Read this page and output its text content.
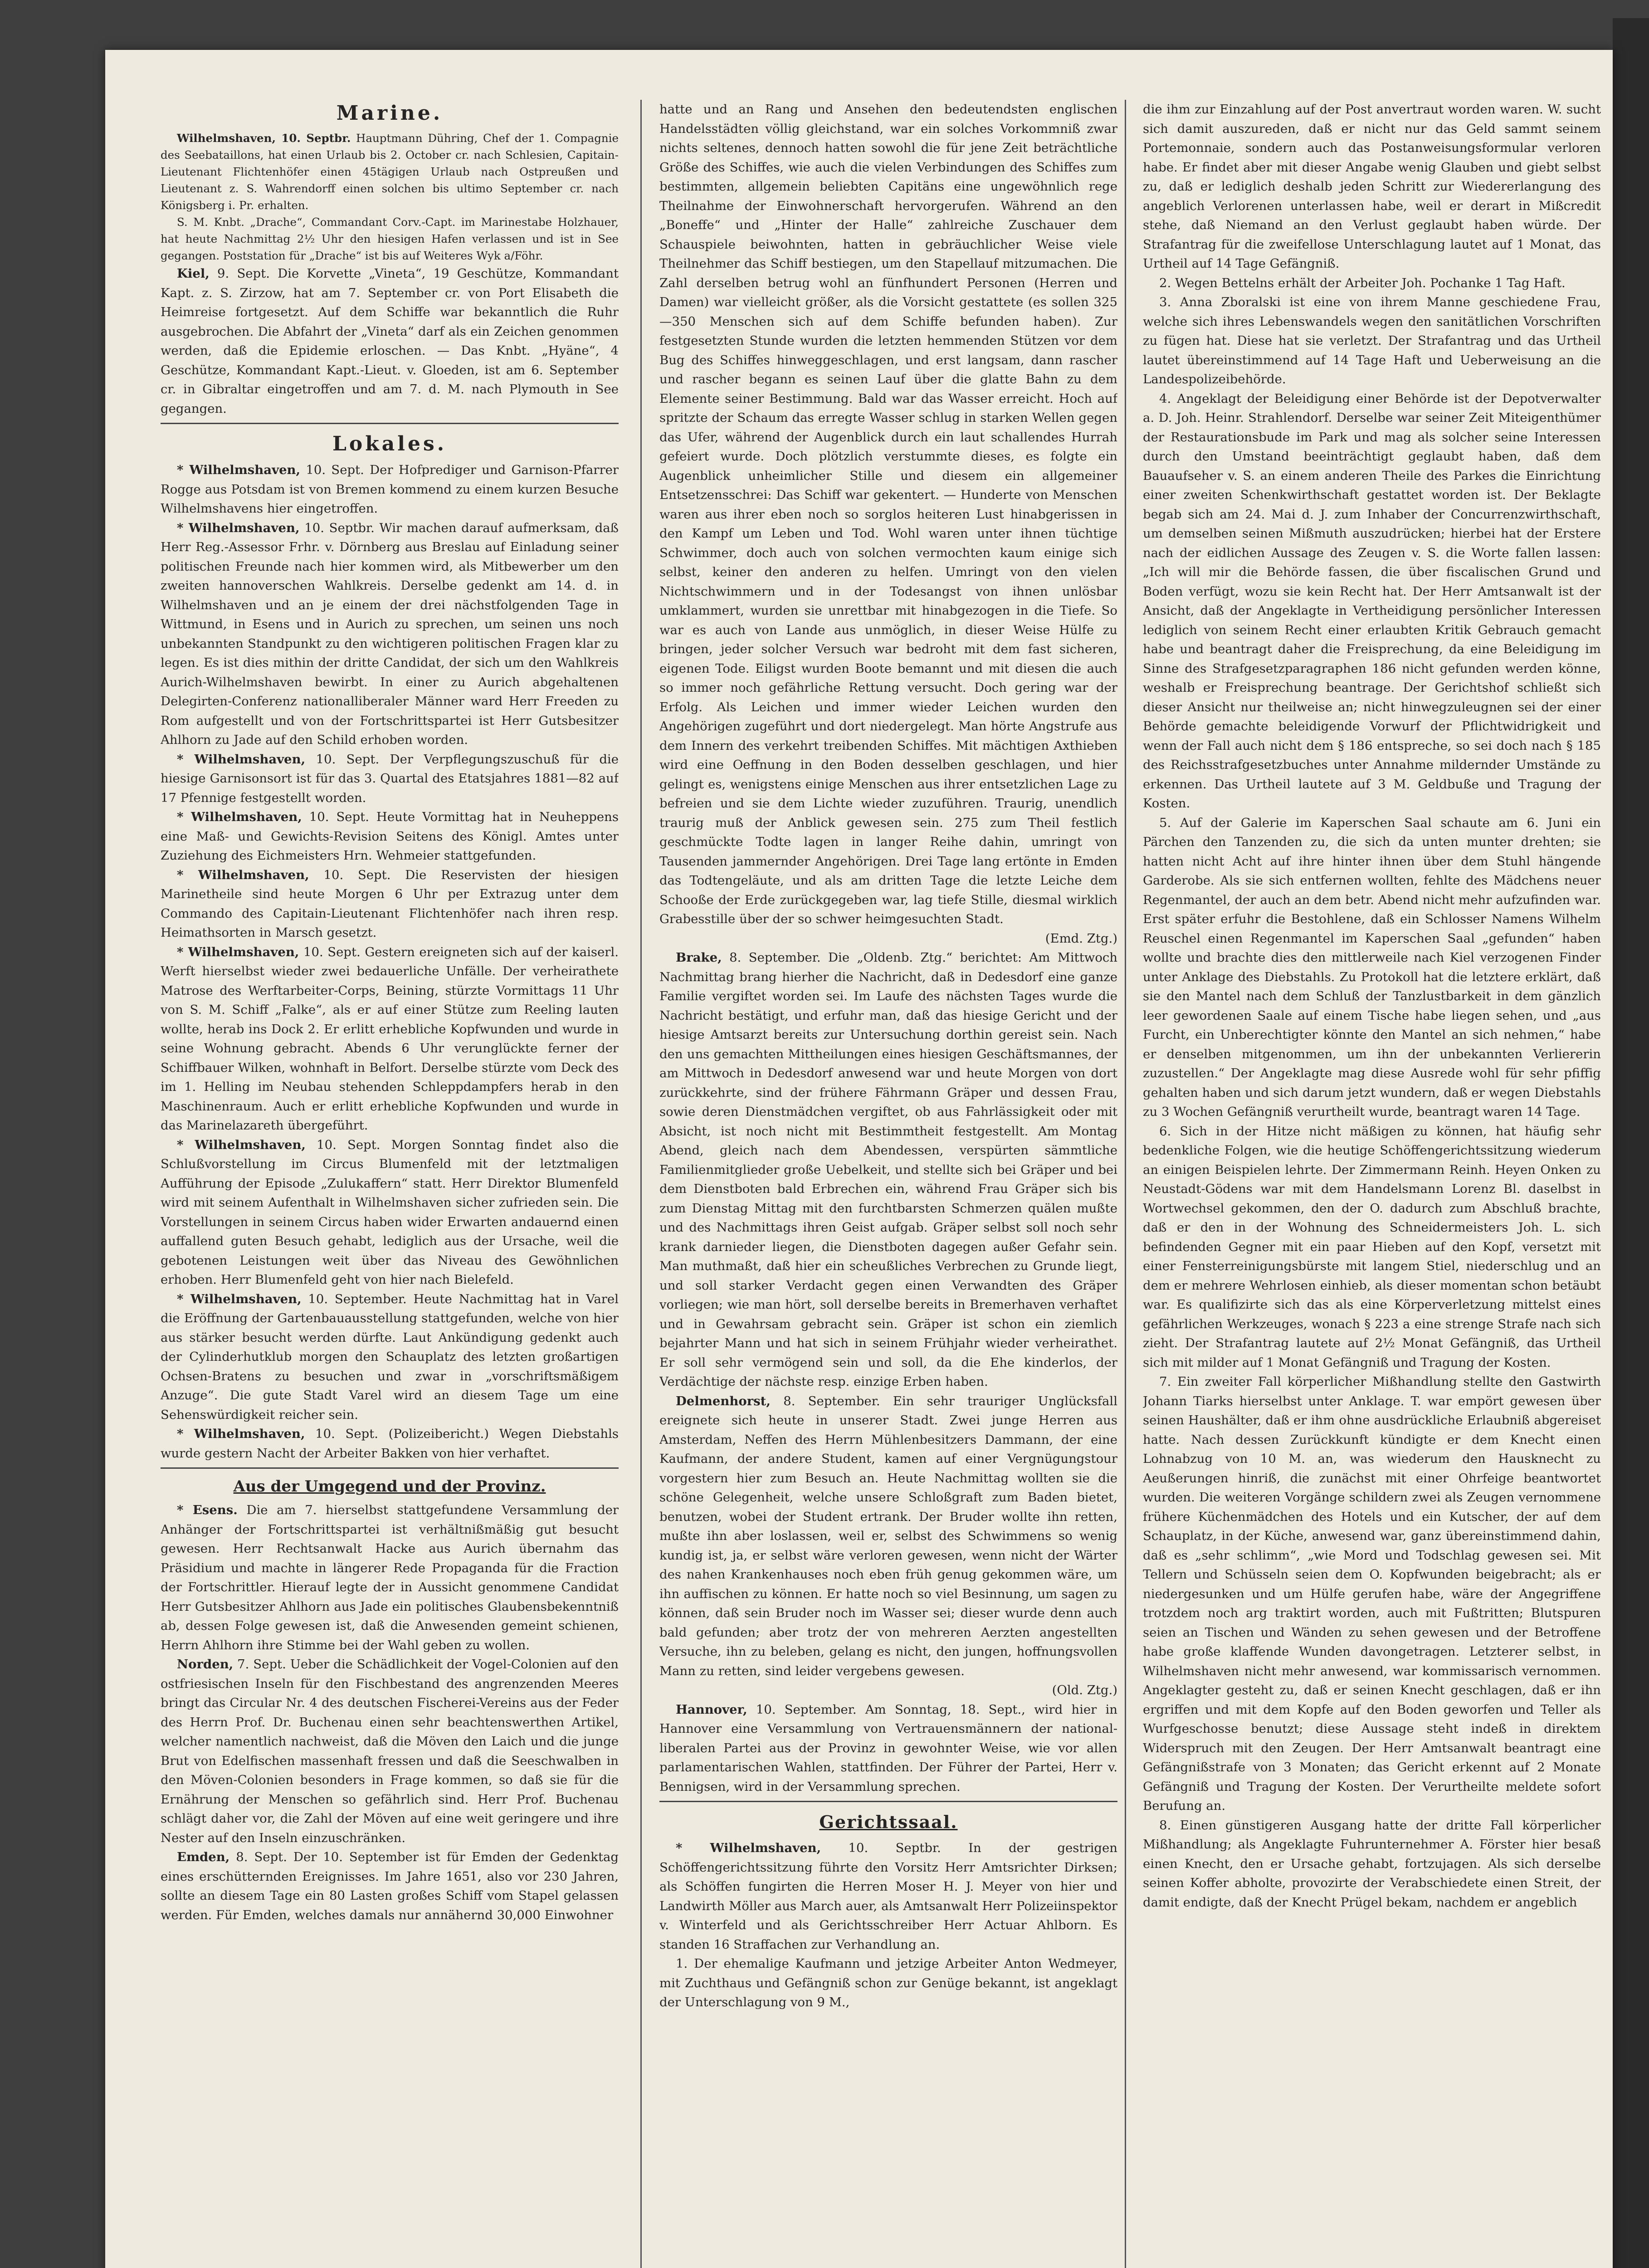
Marine.

Wilhelmshaven, 10. Septbr. Hauptmann Dühring, Chef der 1. Compagnie des Seebataillons, hat einen Urlaub bis 2. October cr. nach Schlesien, Capitain-Lieutenant Flichtenhöfer einen 45tägigen Urlaub nach Ostpreußen und Lieutenant z. S. Wahrendorff einen solchen bis ultimo September cr. nach Königsberg i. Pr. erhalten.

S. M. Knbt. „Drache“, Commandant Corv.-Capt. im Marinestabe Holzhauer, hat heute Nachmittag 2½ Uhr den hiesigen Hafen verlassen und ist in See gegangen. Poststation für „Drache“ ist bis auf Weiteres Wyk a/Föhr.

Kiel, 9. Sept. Die Korvette „Vineta“, 19 Geschütze, Kommandant Kapt. z. S. Zirzow, hat am 7. September cr. von Port Elisabeth die Heimreise fortgesetzt. Auf dem Schiffe war bekanntlich die Ruhr ausgebrochen. Die Abfahrt der „Vineta“ darf als ein Zeichen genommen werden, daß die Epidemie erloschen. — Das Knbt. „Hyäne“, 4 Geschütze, Kommandant Kapt.-Lieut. v. Gloeden, ist am 6. September cr. in Gibraltar eingetroffen und am 7. d. M. nach Plymouth in See gegangen.

Lokales.

* Wilhelmshaven, 10. Sept. Der Hofprediger und Garnison-Pfarrer Rogge aus Potsdam ist von Bremen kommend zu einem kurzen Besuche Wilhelmshavens hier eingetroffen.

* Wilhelmshaven, 10. Septbr. Wir machen darauf aufmerksam, daß Herr Reg.-Assessor Frhr. v. Dörnberg aus Breslau auf Einladung seiner politischen Freunde nach hier kommen wird, als Mitbewerber um den zweiten hannoverschen Wahlkreis. Derselbe gedenkt am 14. d. in Wilhelmshaven und an je einem der drei nächstfolgenden Tage in Wittmund, in Esens und in Aurich zu sprechen, um seinen uns noch unbekannten Standpunkt zu den wichtigeren politischen Fragen klar zu legen. Es ist dies mithin der dritte Candidat, der sich um den Wahlkreis Aurich-Wilhelmshaven bewirbt. In einer zu Aurich abgehaltenen Delegirten-Conferenz nationalliberaler Männer ward Herr Freeden zu Rom aufgestellt und von der Fortschrittspartei ist Herr Gutsbesitzer Ahlhorn zu Jade auf den Schild erhoben worden.

* Wilhelmshaven, 10. Sept. Der Verpflegungszuschuß für die hiesige Garnisonsort ist für das 3. Quartal des Etatsjahres 1881—82 auf 17 Pfennige festgestellt worden.

* Wilhelmshaven, 10. Sept. Heute Vormittag hat in Neuheppens eine Maß- und Gewichts-Revision Seitens des Königl. Amtes unter Zuziehung des Eichmeisters Hrn. Wehmeier stattgefunden.

* Wilhelmshaven, 10. Sept. Die Reservisten der hiesigen Marinetheile sind heute Morgen 6 Uhr per Extrazug unter dem Commando des Capitain-Lieutenant Flichtenhöfer nach ihren resp. Heimathsorten in Marsch gesetzt.

* Wilhelmshaven, 10. Sept. Gestern ereigneten sich auf der kaiserl. Werft hierselbst wieder zwei bedauerliche Unfälle. Der verheirathete Matrose des Werftarbeiter-Corps, Beining, stürzte Vormittags 11 Uhr von S. M. Schiff „Falke“, als er auf einer Stütze zum Reeling lauten wollte, herab ins Dock 2. Er erlitt erhebliche Kopfwunden und wurde in seine Wohnung gebracht. Abends 6 Uhr verunglückte ferner der Schiffbauer Wilken, wohnhaft in Belfort. Derselbe stürzte vom Deck des im 1. Helling im Neubau stehenden Schleppdampfers herab in den Maschinenraum. Auch er erlitt erhebliche Kopfwunden und wurde in das Marinelazareth übergeführt.

* Wilhelmshaven, 10. Sept. Morgen Sonntag findet also die Schlußvorstellung im Circus Blumenfeld mit der letztmaligen Aufführung der Episode „Zulukaffern“ statt. Herr Direktor Blumenfeld wird mit seinem Aufenthalt in Wilhelmshaven sicher zufrieden sein. Die Vorstellungen in seinem Circus haben wider Erwarten andauernd einen auffallend guten Besuch gehabt, lediglich aus der Ursache, weil die gebotenen Leistungen weit über das Niveau des Gewöhnlichen erhoben. Herr Blumenfeld geht von hier nach Bielefeld.

* Wilhelmshaven, 10. September. Heute Nachmittag hat in Varel die Eröffnung der Gartenbauausstellung stattgefunden, welche von hier aus stärker besucht werden dürfte. Laut Ankündigung gedenkt auch der Cylinderhutklub morgen den Schauplatz des letzten großartigen Ochsen-Bratens zu besuchen und zwar in „vorschriftsmäßigem Anzuge“. Die gute Stadt Varel wird an diesem Tage um eine Sehenswürdigkeit reicher sein.

* Wilhelmshaven, 10. Sept. (Polizeibericht.) Wegen Diebstahls wurde gestern Nacht der Arbeiter Bakken von hier verhaftet.

Aus der Umgegend und der Provinz.

* Esens. Die am 7. hierselbst stattgefundene Versammlung der Anhänger der Fortschrittspartei ist verhältnißmäßig gut besucht gewesen. Herr Rechtsanwalt Hacke aus Aurich übernahm das Präsidium und machte in längerer Rede Propaganda für die Fraction der Fortschrittler. Hierauf legte der in Aussicht genommene Candidat Herr Gutsbesitzer Ahlhorn aus Jade ein politisches Glaubensbekenntniß ab, dessen Folge gewesen ist, daß die Anwesenden gemeint schienen, Herrn Ahlhorn ihre Stimme bei der Wahl geben zu wollen.

Norden, 7. Sept. Ueber die Schädlichkeit der Vogel-Colonien auf den ostfriesischen Inseln für den Fischbestand des angrenzenden Meeres bringt das Circular Nr. 4 des deutschen Fischerei-Vereins aus der Feder des Herrn Prof. Dr. Buchenau einen sehr beachtenswerthen Artikel, welcher namentlich nachweist, daß die Möven den Laich und die junge Brut von Edelfischen massenhaft fressen und daß die Seeschwalben in den Möven-Colonien besonders in Frage kommen, so daß sie für die Ernährung der Menschen so gefährlich sind. Herr Prof. Buchenau schlägt daher vor, die Zahl der Möven auf eine weit geringere und ihre Nester auf den Inseln einzuschränken.

Emden, 8. Sept. Der 10. September ist für Emden der Gedenktag eines erschütternden Ereignisses. Im Jahre 1651, also vor 230 Jahren, sollte an diesem Tage ein 80 Lasten großes Schiff vom Stapel gelassen werden. Für Emden, welches damals nur annähernd 30,000 Einwohner

hatte und an Rang und Ansehen den bedeutendsten englischen Handelsstädten völlig gleichstand, war ein solches Vorkommniß zwar nichts seltenes, dennoch hatten sowohl die für jene Zeit beträchtliche Größe des Schiffes, wie auch die vielen Verbindungen des Schiffes zum bestimmten, allgemein beliebten Capitäns eine ungewöhnlich rege Theilnahme der Einwohnerschaft hervorgerufen. Während an den „Boneffe“ und „Hinter der Halle“ zahlreiche Zuschauer dem Schauspiele beiwohnten, hatten in gebräuchlicher Weise viele Theilnehmer das Schiff bestiegen, um den Stapellauf mitzumachen. Die Zahl derselben betrug wohl an fünfhundert Personen (Herren und Damen) war vielleicht größer, als die Vorsicht gestattete (es sollen 325—350 Menschen sich auf dem Schiffe befunden haben). Zur festgesetzten Stunde wurden die letzten hemmenden Stützen vor dem Bug des Schiffes hinweggeschlagen, und erst langsam, dann rascher und rascher begann es seinen Lauf über die glatte Bahn zu dem Elemente seiner Bestimmung. Bald war das Wasser erreicht. Hoch auf spritzte der Schaum das erregte Wasser schlug in starken Wellen gegen das Ufer, während der Augenblick durch ein laut schallendes Hurrah gefeiert wurde. Doch plötzlich verstummte dieses, es folgte ein Augenblick unheimlicher Stille und diesem ein allgemeiner Entsetzensschrei: Das Schiff war gekentert. — Hunderte von Menschen waren aus ihrer eben noch so sorglos heiteren Lust hinabgerissen in den Kampf um Leben und Tod. Wohl waren unter ihnen tüchtige Schwimmer, doch auch von solchen vermochten kaum einige sich selbst, keiner den anderen zu helfen. Umringt von den vielen Nichtschwimmern und in der Todesangst von ihnen unlösbar umklammert, wurden sie unrettbar mit hinabgezogen in die Tiefe. So war es auch von Lande aus unmöglich, in dieser Weise Hülfe zu bringen, jeder solcher Versuch war bedroht mit dem fast sicheren, eigenen Tode. Eiligst wurden Boote bemannt und mit diesen die auch so immer noch gefährliche Rettung versucht. Doch gering war der Erfolg. Als Leichen und immer wieder Leichen wurden den Angehörigen zugeführt und dort niedergelegt. Man hörte Angstrufe aus dem Innern des verkehrt treibenden Schiffes. Mit mächtigen Axthieben wird eine Oeffnung in den Boden desselben geschlagen, und hier gelingt es, wenigstens einige Menschen aus ihrer entsetzlichen Lage zu befreien und sie dem Lichte wieder zuzuführen. Traurig, unendlich traurig muß der Anblick gewesen sein. 275 zum Theil festlich geschmückte Todte lagen in langer Reihe dahin, umringt von Tausenden jammernder Angehörigen. Drei Tage lang ertönte in Emden das Todtengeläute, und als am dritten Tage die letzte Leiche dem Schooße der Erde zurückgegeben war, lag tiefe Stille, diesmal wirklich Grabesstille über der so schwer heimgesuchten Stadt.

(Emd. Ztg.)

Brake, 8. September. Die „Oldenb. Ztg.“ berichtet: Am Mittwoch Nachmittag brang hierher die Nachricht, daß in Dedesdorf eine ganze Familie vergiftet worden sei. Im Laufe des nächsten Tages wurde die Nachricht bestätigt, und erfuhr man, daß das hiesige Gericht und der hiesige Amtsarzt bereits zur Untersuchung dorthin gereist sein. Nach den uns gemachten Mittheilungen eines hiesigen Geschäftsmannes, der am Mittwoch in Dedesdorf anwesend war und heute Morgen von dort zurückkehrte, sind der frühere Fährmann Gräper und dessen Frau, sowie deren Dienstmädchen vergiftet, ob aus Fahrlässigkeit oder mit Absicht, ist noch nicht mit Bestimmtheit festgestellt. Am Montag Abend, gleich nach dem Abendessen, verspürten sämmtliche Familienmitglieder große Uebelkeit, und stellte sich bei Gräper und bei dem Dienstboten bald Erbrechen ein, während Frau Gräper sich bis zum Dienstag Mittag mit den furchtbarsten Schmerzen quälen mußte und des Nachmittags ihren Geist aufgab. Gräper selbst soll noch sehr krank darnieder liegen, die Dienstboten dagegen außer Gefahr sein. Man muthmaßt, daß hier ein scheußliches Verbrechen zu Grunde liegt, und soll starker Verdacht gegen einen Verwandten des Gräper vorliegen; wie man hört, soll derselbe bereits in Bremerhaven verhaftet und in Gewahrsam gebracht sein. Gräper ist schon ein ziemlich bejahrter Mann und hat sich in seinem Frühjahr wieder verheirathet. Er soll sehr vermögend sein und soll, da die Ehe kinderlos, der Verdächtige der nächste resp. einzige Erben haben.

Delmenhorst, 8. September. Ein sehr trauriger Unglücksfall ereignete sich heute in unserer Stadt. Zwei junge Herren aus Amsterdam, Neffen des Herrn Mühlenbesitzers Dammann, der eine Kaufmann, der andere Student, kamen auf einer Vergnügungstour vorgestern hier zum Besuch an. Heute Nachmittag wollten sie die schöne Gelegenheit, welche unsere Schloßgraft zum Baden bietet, benutzen, wobei der Student ertrank. Der Bruder wollte ihn retten, mußte ihn aber loslassen, weil er, selbst des Schwimmens so wenig kundig ist, ja, er selbst wäre verloren gewesen, wenn nicht der Wärter des nahen Krankenhauses noch eben früh genug gekommen wäre, um ihn auffischen zu können. Er hatte noch so viel Besinnung, um sagen zu können, daß sein Bruder noch im Wasser sei; dieser wurde denn auch bald gefunden; aber trotz der von mehreren Aerzten angestellten Versuche, ihn zu beleben, gelang es nicht, den jungen, hoffnungsvollen Mann zu retten, sind leider vergebens gewesen.

(Old. Ztg.)

Hannover, 10. September. Am Sonntag, 18. Sept., wird hier in Hannover eine Versammlung von Vertrauensmännern der national-liberalen Partei aus der Provinz in gewohnter Weise, wie vor allen parlamentarischen Wahlen, stattfinden. Der Führer der Partei, Herr v. Bennigsen, wird in der Versammlung sprechen.

Gerichtssaal.

* Wilhelmshaven, 10. Septbr. In der gestrigen Schöffengerichtssitzung führte den Vorsitz Herr Amtsrichter Dirksen; als Schöffen fungirten die Herren Moser H. J. Meyer von hier und Landwirth Möller aus March auer, als Amtsanwalt Herr Polizeiinspektor v. Winterfeld und als Gerichtsschreiber Herr Actuar Ahlborn. Es standen 16 Straffachen zur Verhandlung an.

1. Der ehemalige Kaufmann und jetzige Arbeiter Anton Wedmeyer, mit Zuchthaus und Gefängniß schon zur Genüge bekannt, ist angeklagt der Unterschlagung von 9 M.,

die ihm zur Einzahlung auf der Post anvertraut worden waren. W. sucht sich damit auszureden, daß er nicht nur das Geld sammt seinem Portemonnaie, sondern auch das Postanweisungsformular verloren habe. Er findet aber mit dieser Angabe wenig Glauben und giebt selbst zu, daß er lediglich deshalb jeden Schritt zur Wiedererlangung des angeblich Verlorenen unterlassen habe, weil er derart in Mißcredit stehe, daß Niemand an den Verlust geglaubt haben würde. Der Strafantrag für die zweifellose Unterschlagung lautet auf 1 Monat, das Urtheil auf 14 Tage Gefängniß.

2. Wegen Bettelns erhält der Arbeiter Joh. Pochanke 1 Tag Haft.

3. Anna Zboralski ist eine von ihrem Manne geschiedene Frau, welche sich ihres Lebenswandels wegen den sanitätlichen Vorschriften zu fügen hat. Diese hat sie verletzt. Der Strafantrag und das Urtheil lautet übereinstimmend auf 14 Tage Haft und Ueberweisung an die Landespolizeibehörde.

4. Angeklagt der Beleidigung einer Behörde ist der Depotverwalter a. D. Joh. Heinr. Strahlendorf. Derselbe war seiner Zeit Miteigenthümer der Restaurationsbude im Park und mag als solcher seine Interessen durch den Umstand beeinträchtigt geglaubt haben, daß dem Bauaufseher v. S. an einem anderen Theile des Parkes die Einrichtung einer zweiten Schenkwirthschaft gestattet worden ist. Der Beklagte begab sich am 24. Mai d. J. zum Inhaber der Concurrenzwirthschaft, um demselben seinen Mißmuth auszudrücken; hierbei hat der Erstere nach der eidlichen Aussage des Zeugen v. S. die Worte fallen lassen: „Ich will mir die Behörde fassen, die über fiscalischen Grund und Boden verfügt, wozu sie kein Recht hat. Der Herr Amtsanwalt ist der Ansicht, daß der Angeklagte in Vertheidigung persönlicher Interessen lediglich von seinem Recht einer erlaubten Kritik Gebrauch gemacht habe und beantragt daher die Freisprechung, da eine Beleidigung im Sinne des Strafgesetzparagraphen 186 nicht gefunden werden könne, weshalb er Freisprechung beantrage. Der Gerichtshof schließt sich dieser Ansicht nur theilweise an; nicht hinwegzuleugnen sei der einer Behörde gemachte beleidigende Vorwurf der Pflichtwidrigkeit und wenn der Fall auch nicht dem § 186 entspreche, so sei doch nach § 185 des Reichsstrafgesetzbuches unter Annahme mildernder Umstände zu erkennen. Das Urtheil lautete auf 3 M. Geldbuße und Tragung der Kosten.

5. Auf der Galerie im Kaperschen Saal schaute am 6. Juni ein Pärchen den Tanzenden zu, die sich da unten munter drehten; sie hatten nicht Acht auf ihre hinter ihnen über dem Stuhl hängende Garderobe. Als sie sich entfernen wollten, fehlte des Mädchens neuer Regenmantel, der auch an dem betr. Abend nicht mehr aufzufinden war. Erst später erfuhr die Bestohlene, daß ein Schlosser Namens Wilhelm Reuschel einen Regenmantel im Kaperschen Saal „gefunden“ haben wollte und brachte dies den mittlerweile nach Kiel verzogenen Finder unter Anklage des Diebstahls. Zu Protokoll hat die letztere erklärt, daß sie den Mantel nach dem Schluß der Tanzlustbarkeit in dem gänzlich leer gewordenen Saale auf einem Tische habe liegen sehen, und „aus Furcht, ein Unberechtigter könnte den Mantel an sich nehmen,“ habe er denselben mitgenommen, um ihn der unbekannten Verliererin zuzustellen.“ Der Angeklagte mag diese Ausrede wohl für sehr pfiffig gehalten haben und sich darum jetzt wundern, daß er wegen Diebstahls zu 3 Wochen Gefängniß verurtheilt wurde, beantragt waren 14 Tage.

6. Sich in der Hitze nicht mäßigen zu können, hat häufig sehr bedenkliche Folgen, wie die heutige Schöffengerichtssitzung wiederum an einigen Beispielen lehrte. Der Zimmermann Reinh. Heyen Onken zu Neustadt-Gödens war mit dem Handelsmann Lorenz Bl. daselbst in Wortwechsel gekommen, den der O. dadurch zum Abschluß brachte, daß er den in der Wohnung des Schneidermeisters Joh. L. sich befindenden Gegner mit ein paar Hieben auf den Kopf, versetzt mit einer Fensterreinigungsbürste mit langem Stiel, niederschlug und an dem er mehrere Wehrlosen einhieb, als dieser momentan schon betäubt war. Es qualifizirte sich das als eine Körperverletzung mittelst eines gefährlichen Werkzeuges, wonach § 223 a eine strenge Strafe nach sich zieht. Der Strafantrag lautete auf 2½ Monat Gefängniß, das Urtheil sich mit milder auf 1 Monat Gefängniß und Tragung der Kosten.

7. Ein zweiter Fall körperlicher Mißhandlung stellte den Gastwirth Johann Tiarks hierselbst unter Anklage. T. war empört gewesen über seinen Haushälter, daß er ihm ohne ausdrückliche Erlaubniß abgereiset hatte. Nach dessen Zurückkunft kündigte er dem Knecht einen Lohnabzug von 10 M. an, was wiederum den Hausknecht zu Aeußerungen hinriß, die zunächst mit einer Ohrfeige beantwortet wurden. Die weiteren Vorgänge schildern zwei als Zeugen vernommene frühere Küchenmädchen des Hotels und ein Kutscher, der auf dem Schauplatz, in der Küche, anwesend war, ganz übereinstimmend dahin, daß es „sehr schlimm“, „wie Mord und Todschlag gewesen sei. Mit Tellern und Schüsseln seien dem O. Kopfwunden beigebracht; als er niedergesunken und um Hülfe gerufen habe, wäre der Angegriffene trotzdem noch arg traktirt worden, auch mit Fußtritten; Blutspuren seien an Tischen und Wänden zu sehen gewesen und der Betroffene habe große klaffende Wunden davongetragen. Letzterer selbst, in Wilhelmshaven nicht mehr anwesend, war kommissarisch vernommen. Angeklagter gesteht zu, daß er seinen Knecht geschlagen, daß er ihn ergriffen und mit dem Kopfe auf den Boden geworfen und Teller als Wurfgeschosse benutzt; diese Aussage steht indeß in direktem Widerspruch mit den Zeugen. Der Herr Amtsanwalt beantragt eine Gefängnißstrafe von 3 Monaten; das Gericht erkennt auf 2 Monate Gefängniß und Tragung der Kosten. Der Verurtheilte meldete sofort Berufung an.

8. Einen günstigeren Ausgang hatte der dritte Fall körperlicher Mißhandlung; als Angeklagte Fuhrunternehmer A. Förster hier besaß einen Knecht, den er Ursache gehabt, fortzujagen. Als sich derselbe seinen Koffer abholte, provozirte der Verabschiedete einen Streit, der damit endigte, daß der Knecht Prügel bekam, nachdem er angeblich
